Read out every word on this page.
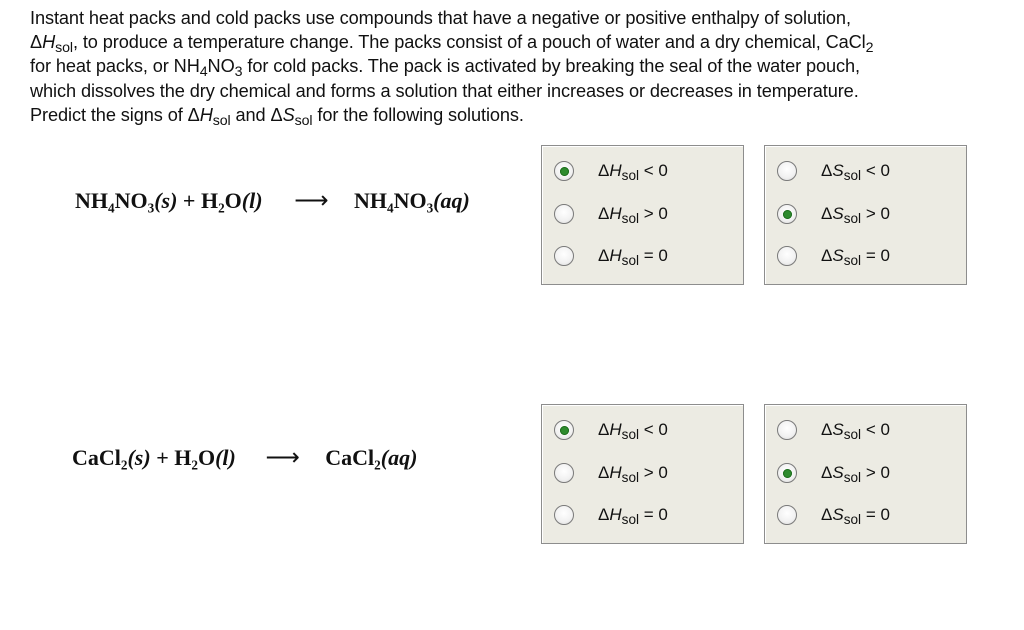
Instant heat packs and cold packs use compounds that have a negative or positive enthalpy of solution,
$\Delta H_{sol}$, to produce a temperature change. The packs consist of a pouch of water and a dry chemical, CaCl$_2$
for heat packs, or $NH_4NO_3$ for cold packs. The pack is activated by breaking the seal of the water pouch,
which dissolves the dry chemical and forms a solution that either increases or decreases in temperature.
Predict the signs of $\Delta H_{sol}$ and $\Delta S_{sol}$ for the following solutions.
$NH_4NO_3(s) + H_2O(l)$ ⟶ $NH_4NO_3(aq)$
CaCl$_2$(s) + $H_2O(l)$ ⟶ CaCl$_2$(aq)
$\Delta H_{sol} < 0$
$\Delta H_{sol} > 0$
$\Delta H_{sol} = 0$
$\Delta S_{sol} < 0$
$\Delta S_{sol} > 0$
$\Delta S_{sol} = 0$
$\Delta H_{sol} < 0$
$\Delta H_{sol} > 0$
$\Delta H_{sol} = 0$
$\Delta S_{sol} < 0$
$\Delta S_{sol} > 0$
$\Delta S_{sol} = 0$
